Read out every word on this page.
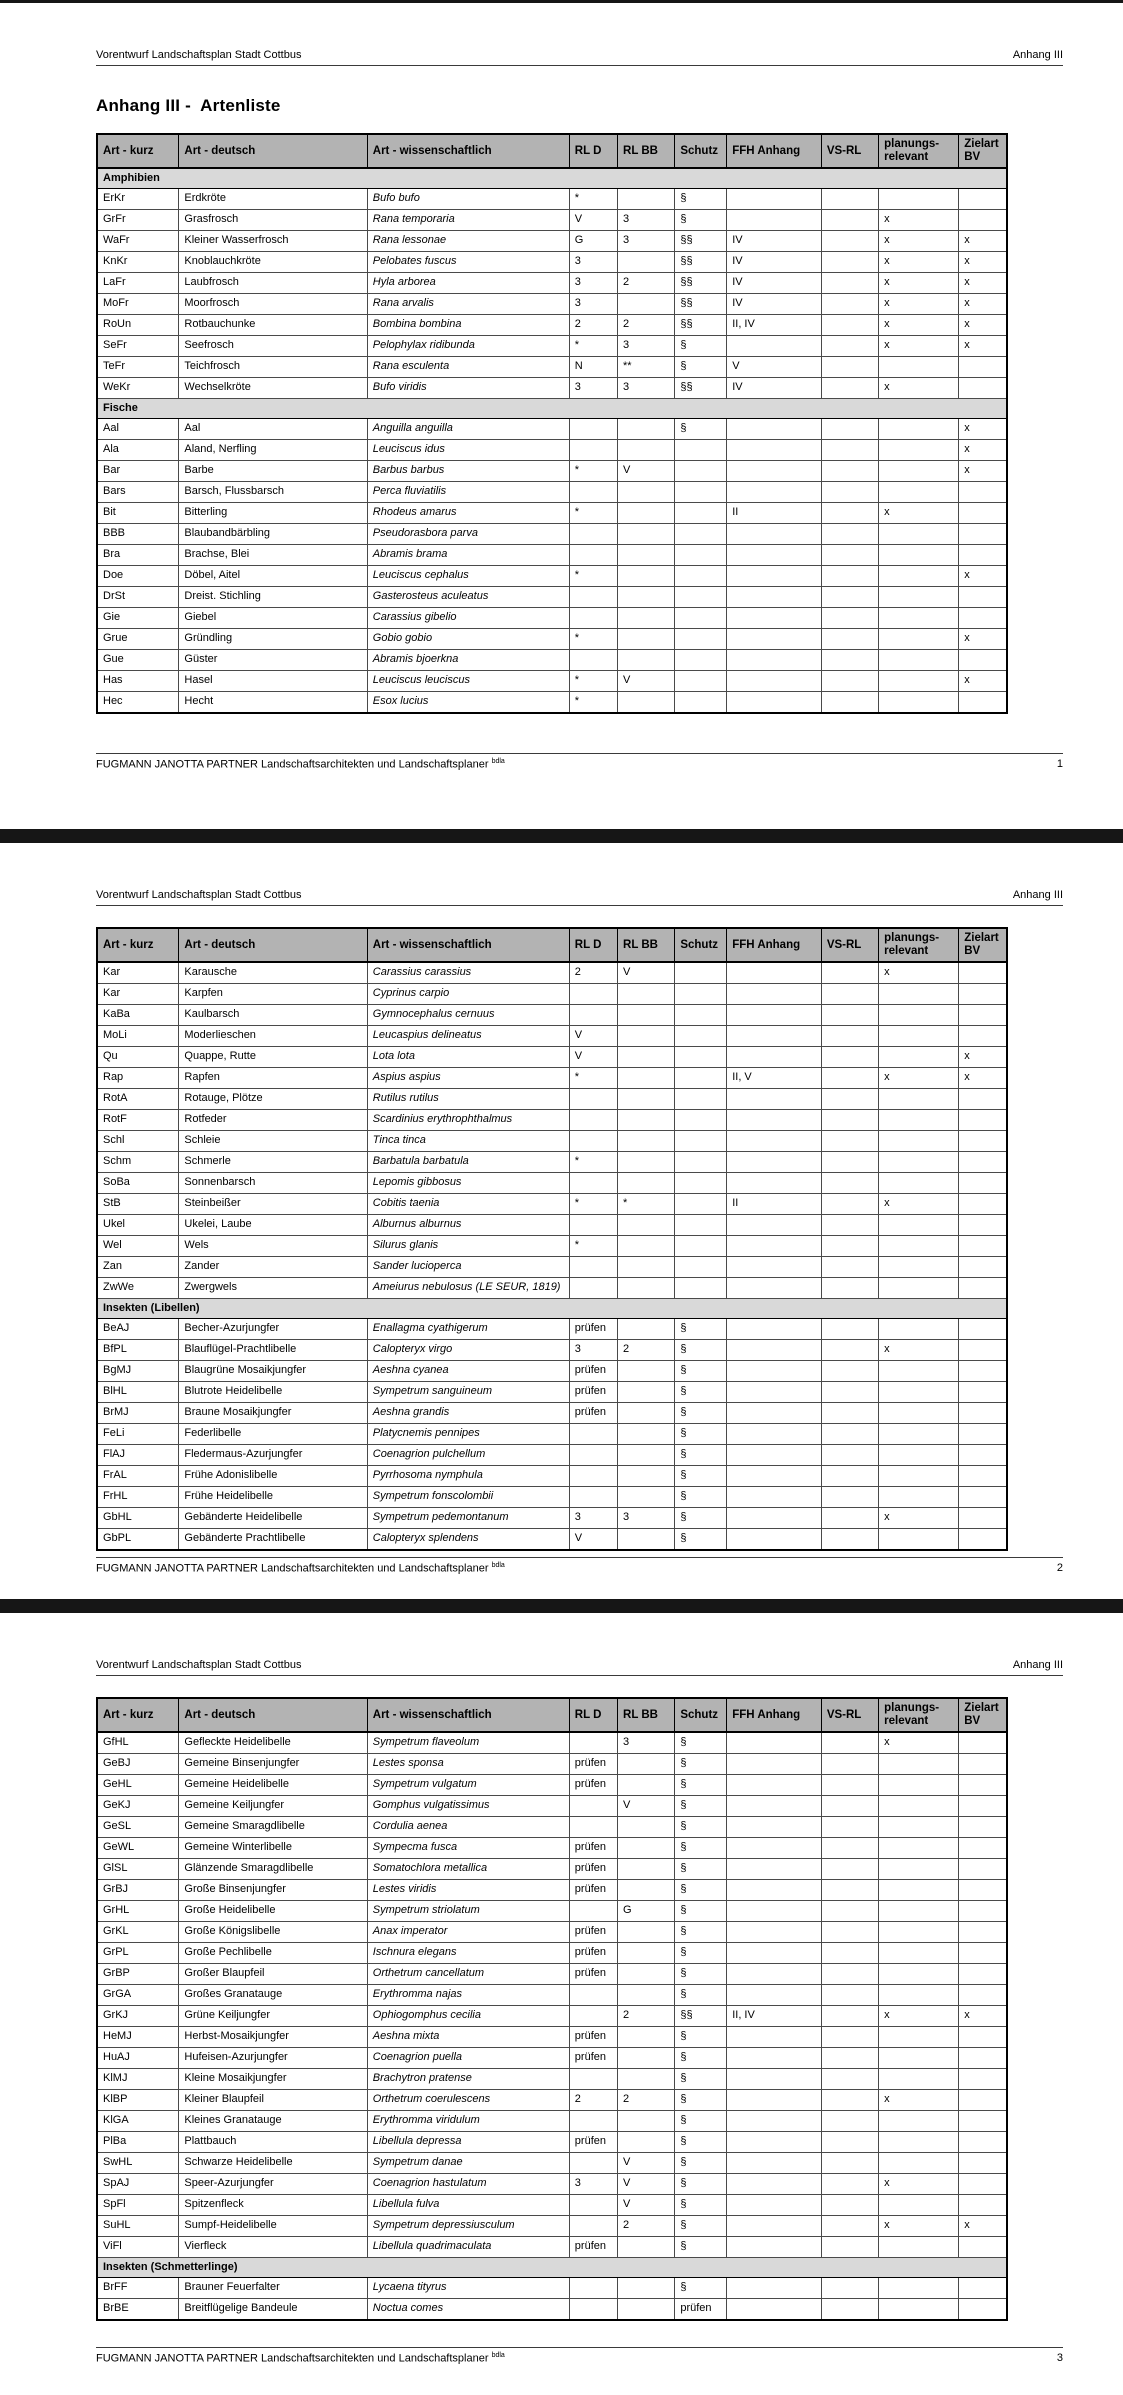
Vorentwurf Landschaftsplan Stadt Cottbus	Anhang III
Anhang III -  Artenliste
Art - kurz	Art - deutsch	Art - wissenschaftlich	RL D	RL BB	Schutz	FFH Anhang	VS-RL	planungs-relevant	Zielart BV
Amphibien									
ErKr	Erdkröte	Bufo bufo	*		§				
GrFr	Grasfrosch	Rana temporaria	V	3	§			x	
WaFr	Kleiner Wasserfrosch	Rana lessonae	G	3	§§	IV		x	x
KnKr	Knoblauchkröte	Pelobates fuscus	3		§§	IV		x	x
LaFr	Laubfrosch	Hyla arborea	3	2	§§	IV		x	x
MoFr	Moorfrosch	Rana arvalis	3		§§	IV		x	x
RoUn	Rotbauchunke	Bombina bombina	2	2	§§	II, IV		x	x
SeFr	Seefrosch	Pelophylax ridibunda	*	3	§			x	x
TeFr	Teichfrosch	Rana esculenta	N	**	§	V			
WeKr	Wechselkröte	Bufo viridis	3	3	§§	IV		x	
Fische									
Aal	Aal	Anguilla anguilla			§				x
Ala	Aland, Nerfling	Leuciscus idus							x
Bar	Barbe	Barbus barbus	*	V					x
Bars	Barsch, Flussbarsch	Perca fluviatilis							
Bit	Bitterling	Rhodeus amarus	*			II		x	
BBB	Blaubandbärbling	Pseudorasbora parva							
Bra	Brachse, Blei	Abramis brama							
Doe	Döbel, Aitel	Leuciscus cephalus	*						x
DrSt	Dreist. Stichling	Gasterosteus aculeatus							
Gie	Giebel	Carassius gibelio							
Grue	Gründling	Gobio gobio	*						x
Gue	Güster	Abramis bjoerkna							
Has	Hasel	Leuciscus leuciscus	*	V					x
Hec	Hecht	Esox lucius	*						
FUGMANN JANOTTA PARTNER Landschaftsarchitekten und Landschaftsplaner $^{bdla}$	1
Vorentwurf Landschaftsplan Stadt Cottbus	Anhang III
Art - kurz	Art - deutsch	Art - wissenschaftlich	RL D	RL BB	Schutz	FFH Anhang	VS-RL	planungs-relevant	Zielart BV
Kar	Karausche	Carassius carassius	2	V				x	
Kar	Karpfen	Cyprinus carpio							
KaBa	Kaulbarsch	Gymnocephalus cernuus							
MoLi	Moderlieschen	Leucaspius delineatus	V						
Qu	Quappe, Rutte	Lota lota	V						x
Rap	Rapfen	Aspius aspius	*			II, V		x	x
RotA	Rotauge, Plötze	Rutilus rutilus							
RotF	Rotfeder	Scardinius erythrophthalmus							
Schl	Schleie	Tinca tinca							
Schm	Schmerle	Barbatula barbatula	*						
SoBa	Sonnenbarsch	Lepomis gibbosus							
StB	Steinbeißer	Cobitis taenia	*	*		II		x	
Ukel	Ukelei, Laube	Alburnus alburnus							
Wel	Wels	Silurus glanis	*						
Zan	Zander	Sander lucioperca							
ZwWe	Zwergwels	Ameiurus nebulosus (LE SEUR, 1819)							
Insekten (Libellen)									
BeAJ	Becher-Azurjungfer	Enallagma cyathigerum	prüfen		§				
BfPL	Blauflügel-Prachtlibelle	Calopteryx virgo	3	2	§			x	
BgMJ	Blaugrüne Mosaikjungfer	Aeshna cyanea	prüfen		§				
BlHL	Blutrote Heidelibelle	Sympetrum sanguineum	prüfen		§				
BrMJ	Braune Mosaikjungfer	Aeshna grandis	prüfen		§				
FeLi	Federlibelle	Platycnemis pennipes			§				
FlAJ	Fledermaus-Azurjungfer	Coenagrion pulchellum			§				
FrAL	Frühe Adonislibelle	Pyrrhosoma nymphula			§				
FrHL	Frühe Heidelibelle	Sympetrum fonscolombii			§				
GbHL	Gebänderte Heidelibelle	Sympetrum pedemontanum	3	3	§			x	
GbPL	Gebänderte Prachtlibelle	Calopteryx splendens	V		§				
FUGMANN JANOTTA PARTNER Landschaftsarchitekten und Landschaftsplaner $^{bdla}$	2
Vorentwurf Landschaftsplan Stadt Cottbus	Anhang III
Art - kurz	Art - deutsch	Art - wissenschaftlich	RL D	RL BB	Schutz	FFH Anhang	VS-RL	planungs-relevant	Zielart BV
GfHL	Gefleckte Heidelibelle	Sympetrum flaveolum		3	§			x	
GeBJ	Gemeine Binsenjungfer	Lestes sponsa	prüfen		§				
GeHL	Gemeine Heidelibelle	Sympetrum vulgatum	prüfen		§				
GeKJ	Gemeine Keiljungfer	Gomphus vulgatissimus		V	§				
GeSL	Gemeine Smaragdlibelle	Cordulia aenea			§				
GeWL	Gemeine Winterlibelle	Sympecma fusca	prüfen		§				
GlSL	Glänzende Smaragdlibelle	Somatochlora metallica	prüfen		§				
GrBJ	Große Binsenjungfer	Lestes viridis	prüfen		§				
GrHL	Große Heidelibelle	Sympetrum striolatum		G	§				
GrKL	Große Königslibelle	Anax imperator	prüfen		§				
GrPL	Große Pechlibelle	Ischnura elegans	prüfen		§				
GrBP	Großer Blaupfeil	Orthetrum cancellatum	prüfen		§				
GrGA	Großes Granatauge	Erythromma najas			§				
GrKJ	Grüne Keiljungfer	Ophiogomphus cecilia		2	§§	II, IV		x	x
HeMJ	Herbst-Mosaikjungfer	Aeshna mixta	prüfen		§				
HuAJ	Hufeisen-Azurjungfer	Coenagrion puella	prüfen		§				
KlMJ	Kleine Mosaikjungfer	Brachytron pratense			§				
KlBP	Kleiner Blaupfeil	Orthetrum coerulescens	2	2	§			x	
KlGA	Kleines Granatauge	Erythromma viridulum			§				
PlBa	Plattbauch	Libellula depressa	prüfen		§				
SwHL	Schwarze Heidelibelle	Sympetrum danae		V	§				
SpAJ	Speer-Azurjungfer	Coenagrion hastulatum	3	V	§			x	
SpFl	Spitzenfleck	Libellula fulva		V	§				
SuHL	Sumpf-Heidelibelle	Sympetrum depressiusculum		2	§			x	x
ViFl	Vierfleck	Libellula quadrimaculata	prüfen		§				
Insekten (Schmetterlinge)									
BrFF	Brauner Feuerfalter	Lycaena tityrus			§				
BrBE	Breitflügelige Bandeule	Noctua comes			prüfen				
FUGMANN JANOTTA PARTNER Landschaftsarchitekten und Landschaftsplaner $^{bdla}$	3
